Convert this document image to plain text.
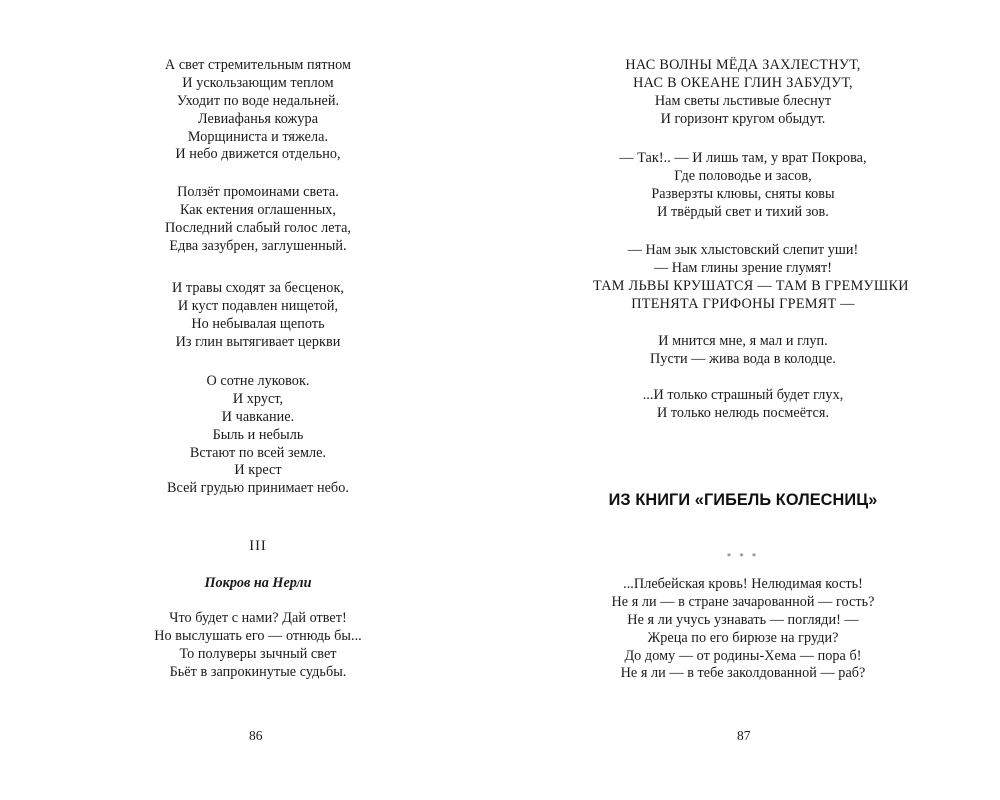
А свет стремительным пятном
И ускользающим теплом
Уходит по воде недальней.
Левиафанья кожура
Морщиниста и тяжела.
И небо движется отдельно,
Ползёт промоинами света.
Как ектения оглашенных,
Последний слабый голос лета,
Едва зазубрен, заглушенный.
И травы сходят за бесценок,
И куст подавлен нищетой,
Но небывалая щепоть
Из глин вытягивает церкви
О сотне луковок.
И хруст,
И чавкание.
Быль и небыль
Встают по всей земле.
И крест
Всей грудью принимает небо.
III
Покров на Нерли
Что будет с нами? Дай ответ!
Но выслушать его — отнюдь бы...
То полуверы зычный свет
Бьёт в запрокинутые судьбы.
86
НАС ВОЛНЫ МЁДА ЗАХЛЕСТНУТ,
НАС В ОКЕАНЕ ГЛИН ЗАБУДУТ,
Нам светы льстивые блеснут
И горизонт кругом обыдут.
— Так!.. — И лишь там, у врат Покрова,
Где половодье и засов,
Разверзты клювы, сняты ковы
И твёрдый свет и тихий зов.
— Нам зык хлыстовский слепит уши!
— Нам глины зрение глумят!
ТАМ ЛЬВЫ КРУШАТСЯ — ТАМ В ГРЕМУШКИ
ПТЕНЯТА ГРИФОНЫ ГРЕМЯТ —
И мнится мне, я мал и глуп.
Пусти — жива вода в колодце.
...И только страшный будет глух,
И только нелюдь посмеётся.
ИЗ КНИГИ «ГИБЕЛЬ КОЛЕСНИЦ»
* * *
...Плебейская кровь! Нелюдимая кость!
Не я ли — в стране зачарованной — гость?
Не я ли учусь узнавать — погляди! —
Жреца по его бирюзе на груди?
До дому — от родины-Хема — пора б!
Не я ли — в тебе заколдованной — раб?
87
